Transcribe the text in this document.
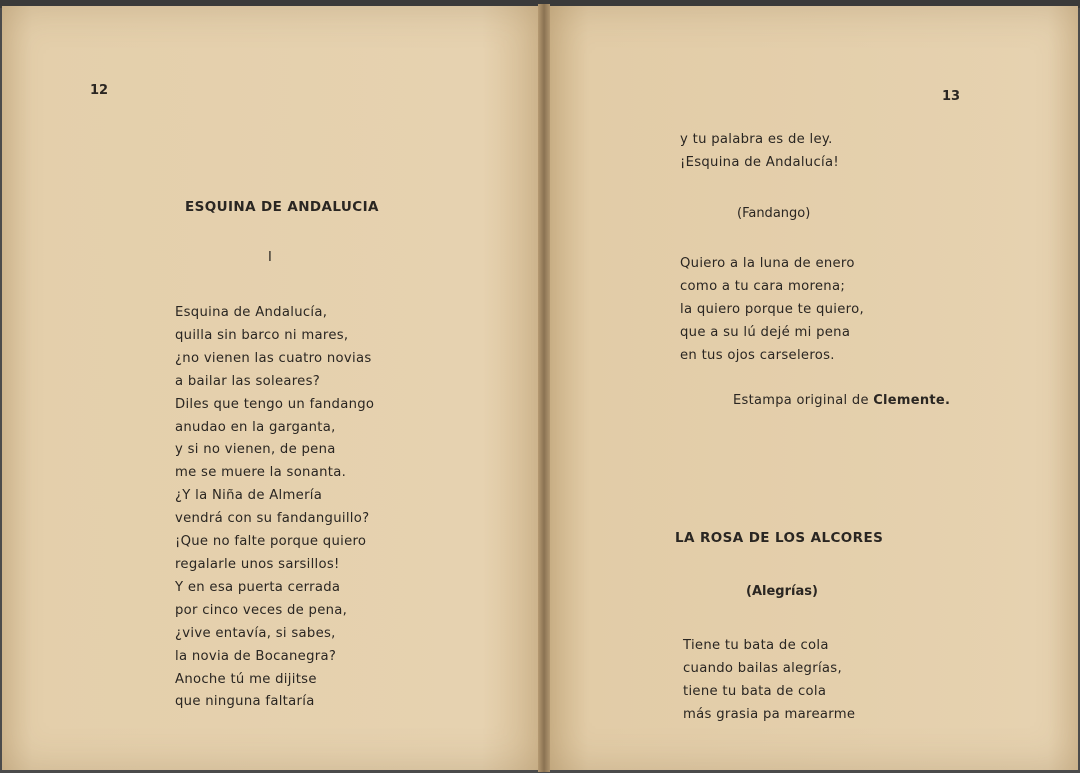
12
ESQUINA DE ANDALUCIA
I
Esquina de Andalucía,
quilla sin barco ni mares,
¿no vienen las cuatro novias
a bailar las soleares?
Diles que tengo un fandango
anudao en la garganta,
y si no vienen, de pena
me se muere la sonanta.
¿Y la Niña de Almería
vendrá con su fandanguillo?
¡Que no falte porque quiero
regalarle unos sarsillos!
Y en esa puerta cerrada
por cinco veces de pena,
¿vive entavía, si sabes,
la novia de Bocanegra?
Anoche tú me dijitse
que ninguna faltaría
13
y tu palabra es de ley.
¡Esquina de Andalucía!
(Fandango)
Quiero a la luna de enero
como a tu cara morena;
la quiero porque te quiero,
que a su lú dejé mi pena
en tus ojos carseleros.
Estampa original de Clemente.
LA ROSA DE LOS ALCORES
(Alegrías)
Tiene tu bata de cola
cuando bailas alegrías,
tiene tu bata de cola
más grasia pa marearme
